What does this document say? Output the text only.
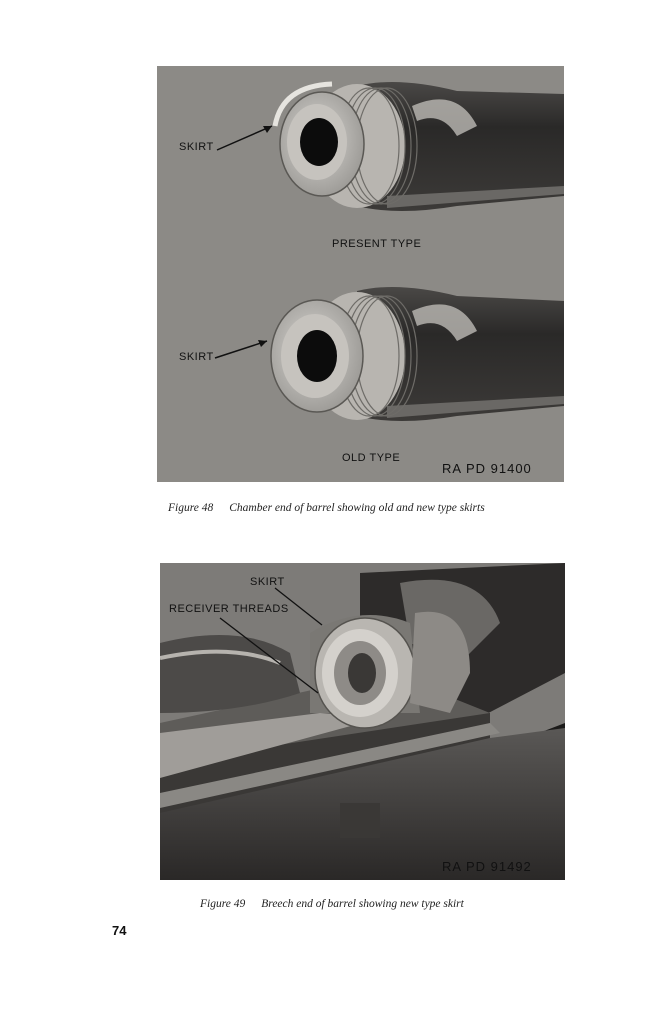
SKIRT
PRESENT TYPE
SKIRT
OLD TYPE
RA PD 91400
Figure 48 Chamber end of barrel showing old and new type skirts
SKIRT
RECEIVER THREADS
RA PD 91492
Figure 49 Breech end of barrel showing new type skirt
74
